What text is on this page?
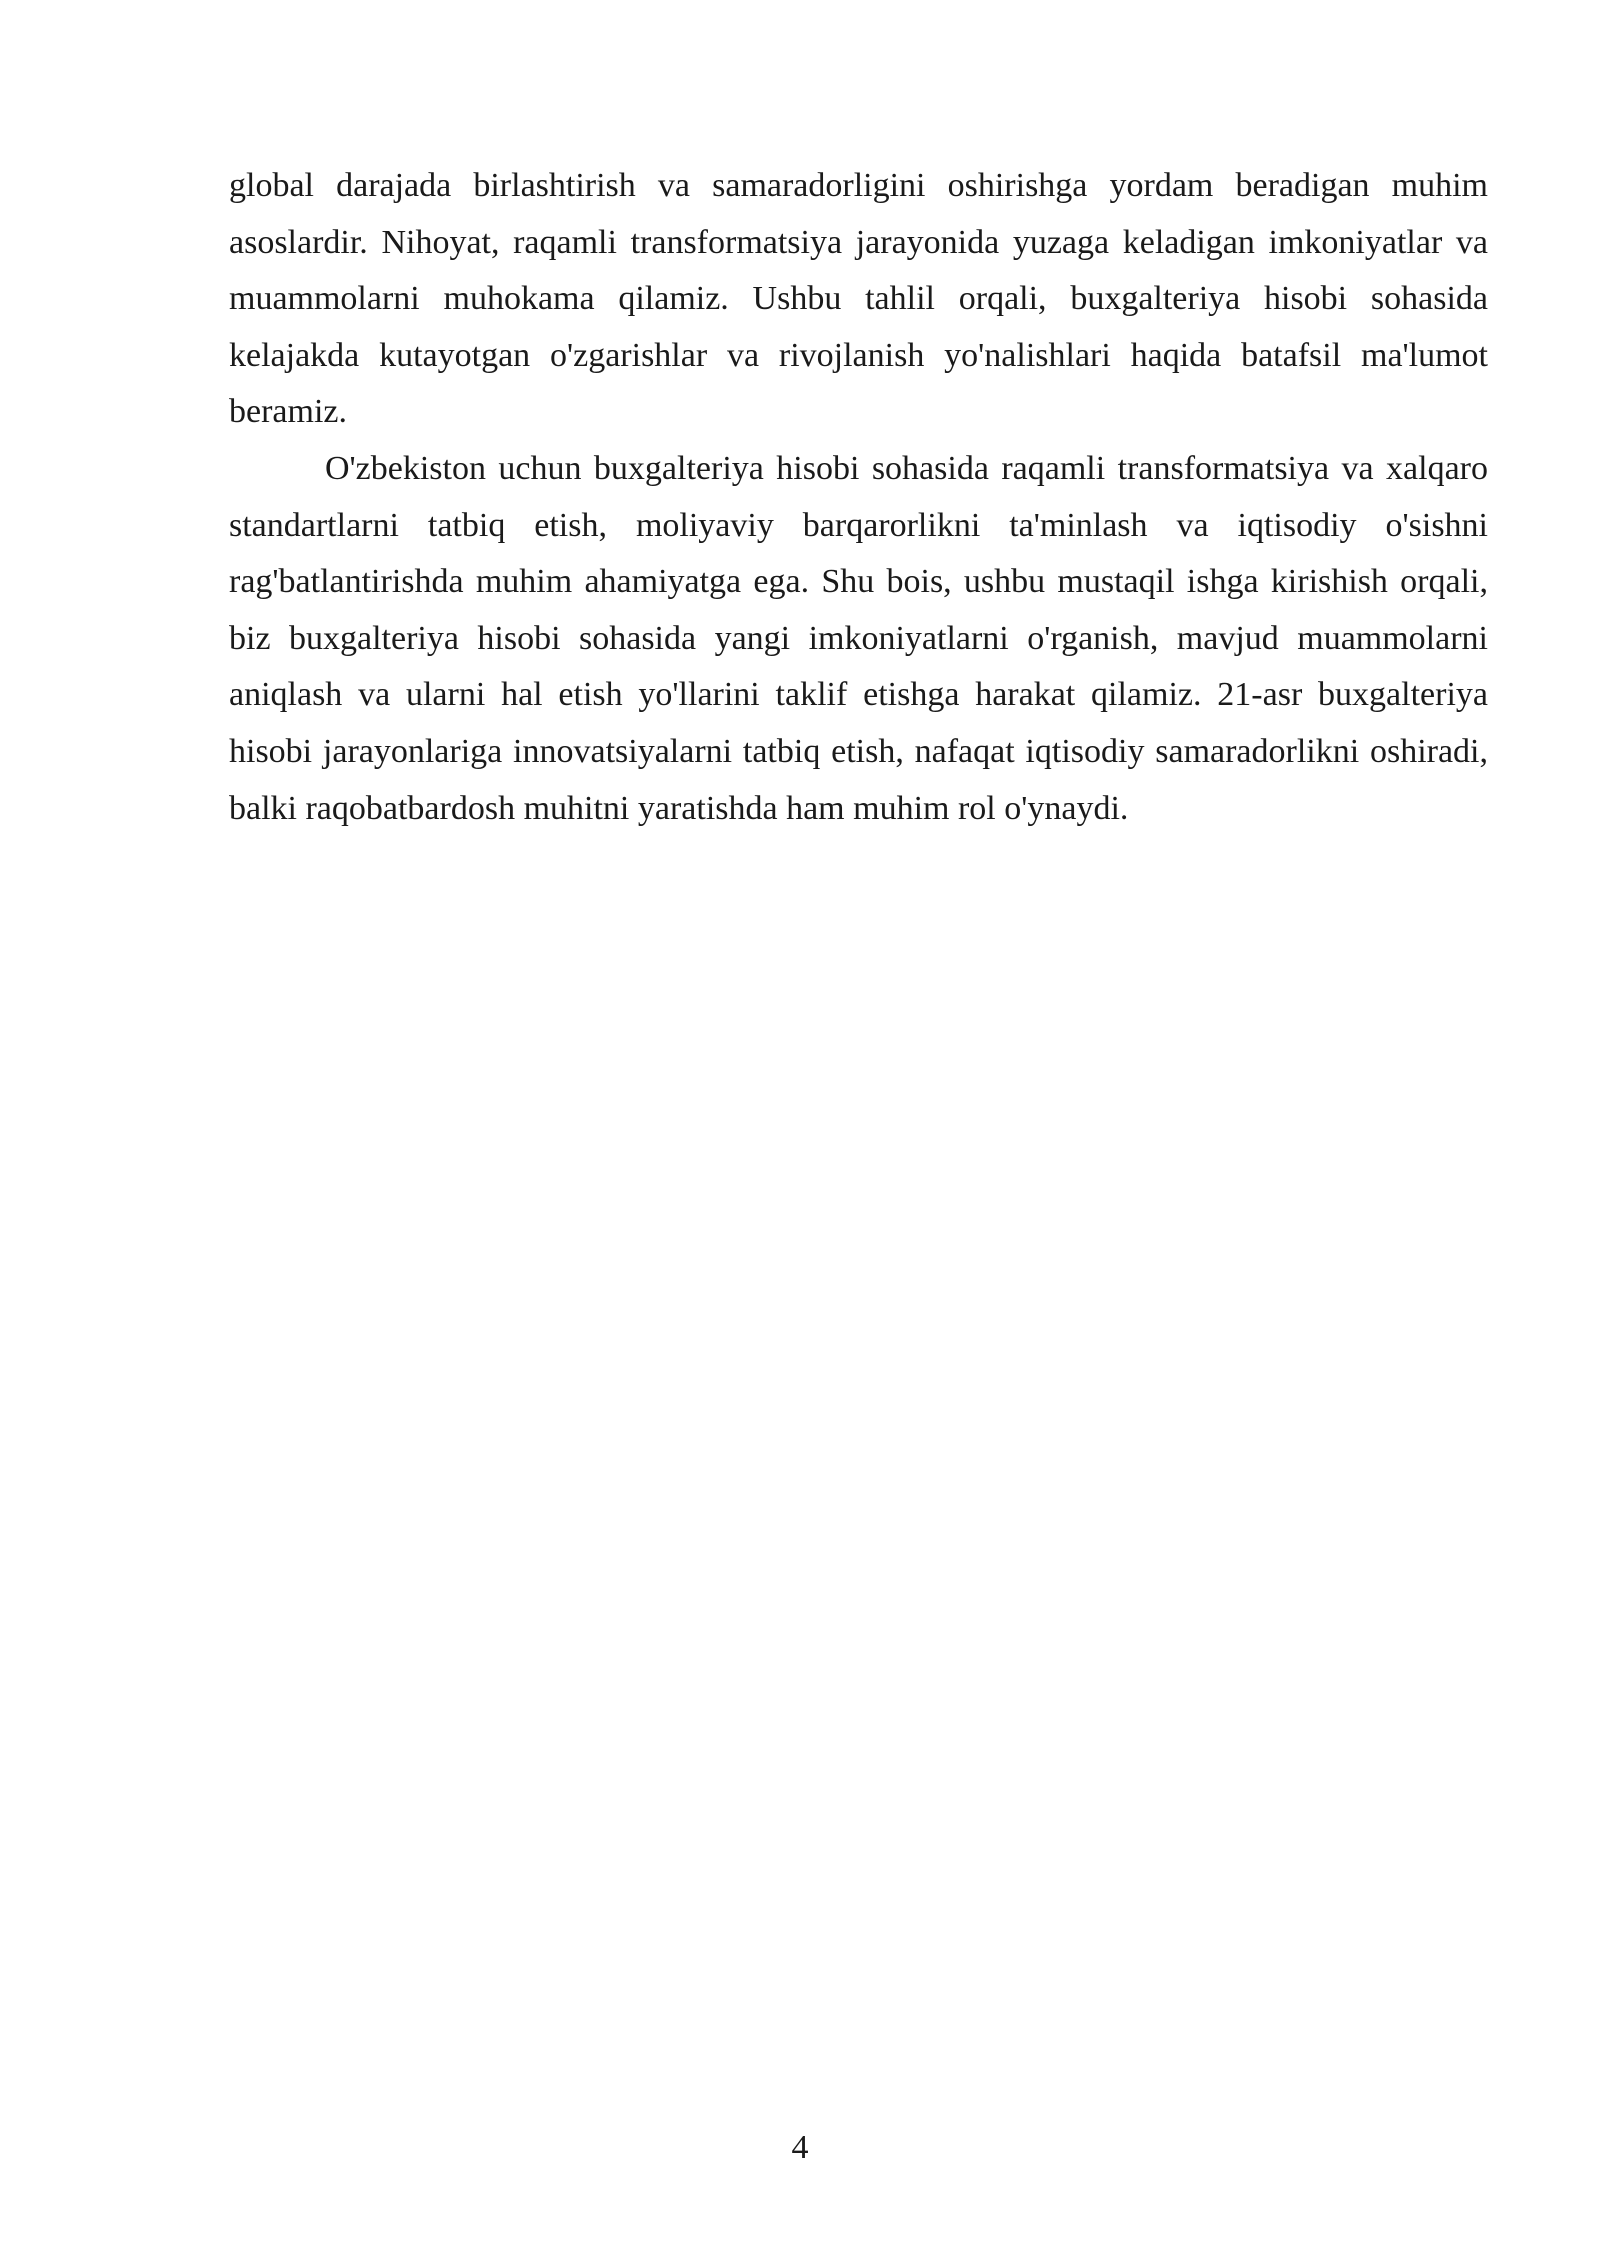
global darajada birlashtirish va samaradorligini oshirishga yordam beradigan muhim asoslardir. Nihoyat, raqamli transformatsiya jarayonida yuzaga keladigan imkoniyatlar va muammolarni muhokama qilamiz. Ushbu tahlil orqali, buxgalteriya hisobi sohasida kelajakda kutayotgan o'zgarishlar va rivojlanish yo'nalishlari haqida batafsil ma'lumot beramiz.

O'zbekiston uchun buxgalteriya hisobi sohasida raqamli transformatsiya va xalqaro standartlarni tatbiq etish, moliyaviy barqarorlikni ta'minlash va iqtisodiy o'sishni rag'batlantirishda muhim ahamiyatga ega. Shu bois, ushbu mustaqil ishga kirishish orqali, biz buxgalteriya hisobi sohasida yangi imkoniyatlarni o'rganish, mavjud muammolarni aniqlash va ularni hal etish yo'llarini taklif etishga harakat qilamiz. 21-asr buxgalteriya hisobi jarayonlariga innovatsiyalarni tatbiq etish, nafaqat iqtisodiy samaradorlikni oshiradi, balki raqobatbardosh muhitni yaratishda ham muhim rol o'ynaydi.

4
